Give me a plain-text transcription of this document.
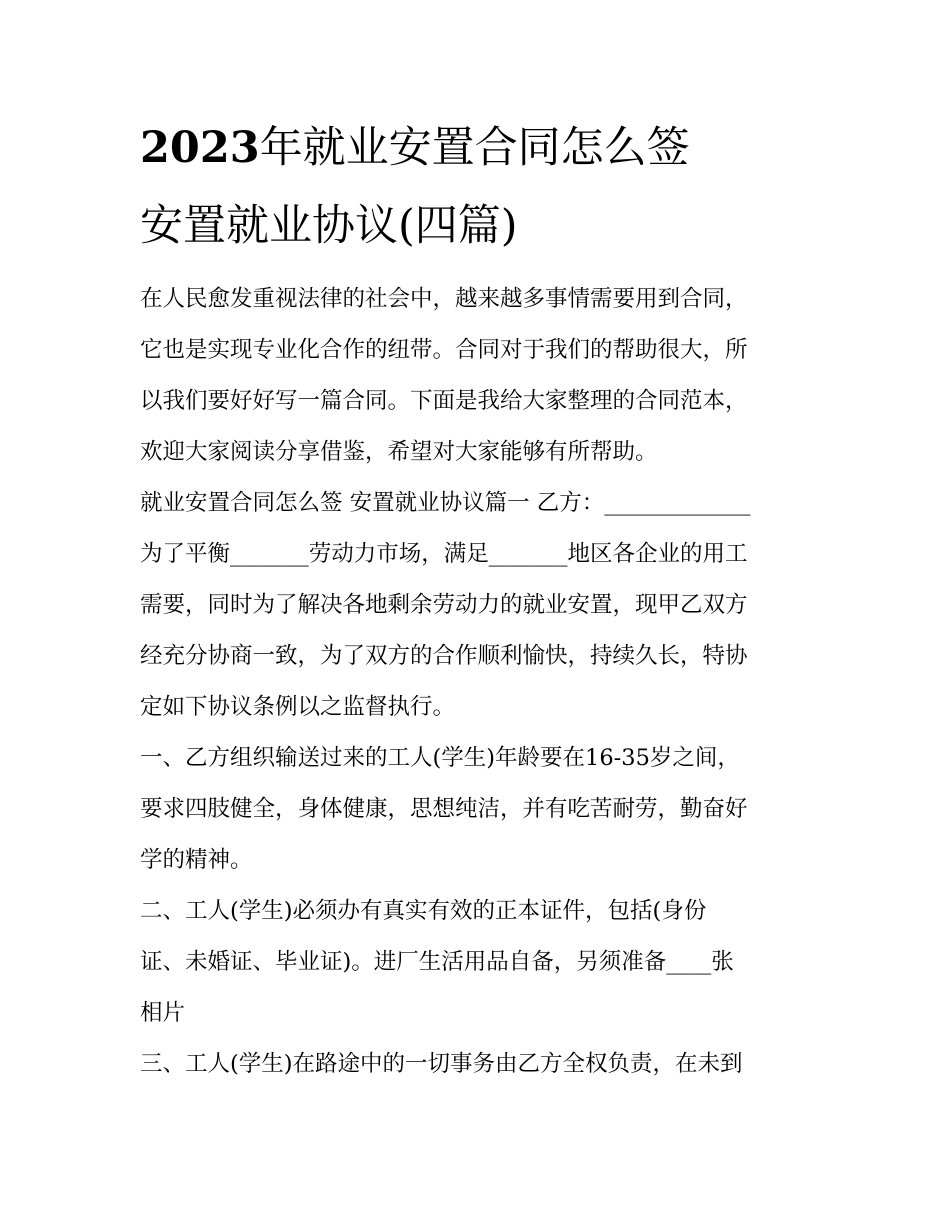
2023年就业安置合同怎么签
安置就业协议(四篇)

在人民愈发重视法律的社会中，越来越多事情需要用到合同，

它也是实现专业化合作的纽带。合同对于我们的帮助很大，所

以我们要好好写一篇合同。下面是我给大家整理的合同范本，

欢迎大家阅读分享借鉴，希望对大家能够有所帮助。

就业安置合同怎么签 安置就业协议篇一 乙方：_____________

为了平衡_______劳动力市场，满足_______地区各企业的用工

需要，同时为了解决各地剩余劳动力的就业安置，现甲乙双方

经充分协商一致，为了双方的合作顺利愉快，持续久长，特协

定如下协议条例以之监督执行。

一、乙方组织输送过来的工人(学生)年龄要在16-35岁之间，

要求四肢健全，身体健康，思想纯洁，并有吃苦耐劳，勤奋好

学的精神。

二、工人(学生)必须办有真实有效的正本证件，包括(身份

证、未婚证、毕业证)。进厂生活用品自备，另须准备____张

相片

三、工人(学生)在路途中的一切事务由乙方全权负责，在未到
